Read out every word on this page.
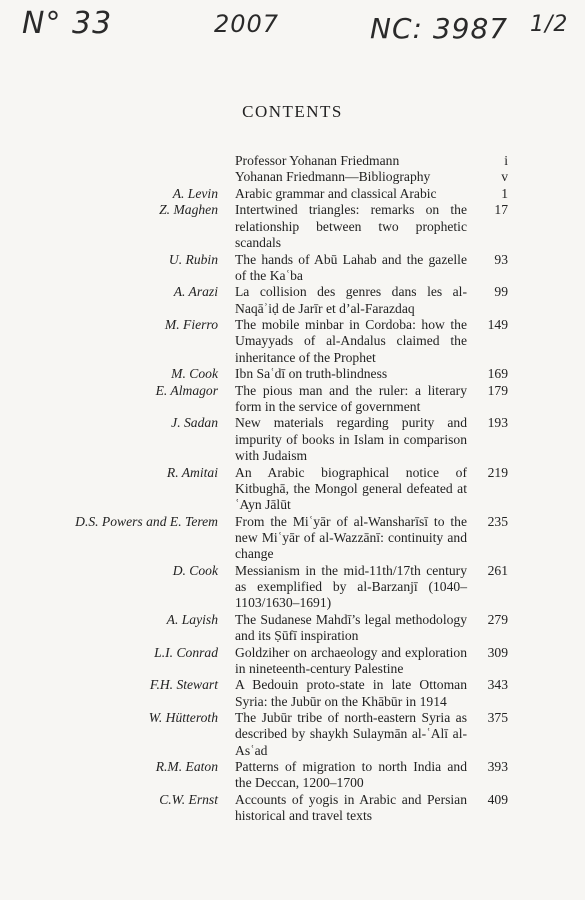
N° 33	2007	NC: 3987 1/2
CONTENTS
Professor Yohanan Friedmann	i
Yohanan Friedmann—Bibliography	v
A. Levin Arabic grammar and classical Arabic	1
Z. Maghen Intertwined triangles: remarks on the relationship between two prophetic scandals
17
U. Rubin The hands of Abū Lahab and the gazelle of the Kaʿba
93
A. Arazi La collision des genres dans les al-Naqāʾiḍ de Jarīr et d’al-Farazdaq
99
M. Fierro The mobile minbar in Cordoba: how the Umayyads of al-Andalus claimed the inheritance of the Prophet
149
M. Cook Ibn Saʿdī on truth-blindness	169
E. Almagor The pious man and the ruler: a literary form in the service of government
179
J. Sadan New materials regarding purity and impurity of books in Islam in comparison with Judaism
193
R. Amitai An Arabic biographical notice of Kitbughā, the Mongol general defeated at ʿAyn Jālūt
219
D.S. Powers and E. Terem From the Miʿyār of al-Wansharīsī to the new Miʿyār of al-Wazzānī: continuity and change
235
D. Cook Messianism in the mid-11th/17th century as exemplified by al-Barzanjī (1040–1103/1630–1691)
261
A. Layish The Sudanese Mahdī’s legal methodology and its Ṣūfī inspiration
279
L.I. Conrad Goldziher on archaeology and exploration in nineteenth-century Palestine
309
F.H. Stewart A Bedouin proto-state in late Ottoman Syria: the Jubūr on the Khābūr in 1914
343
W. Hütteroth The Jubūr tribe of north-eastern Syria as described by shaykh Sulaymān al-ʿAlī al-Asʿad
375
R.M. Eaton Patterns of migration to north India and the Deccan, 1200–1700
393
C.W. Ernst Accounts of yogis in Arabic and Persian historical and travel texts
409
